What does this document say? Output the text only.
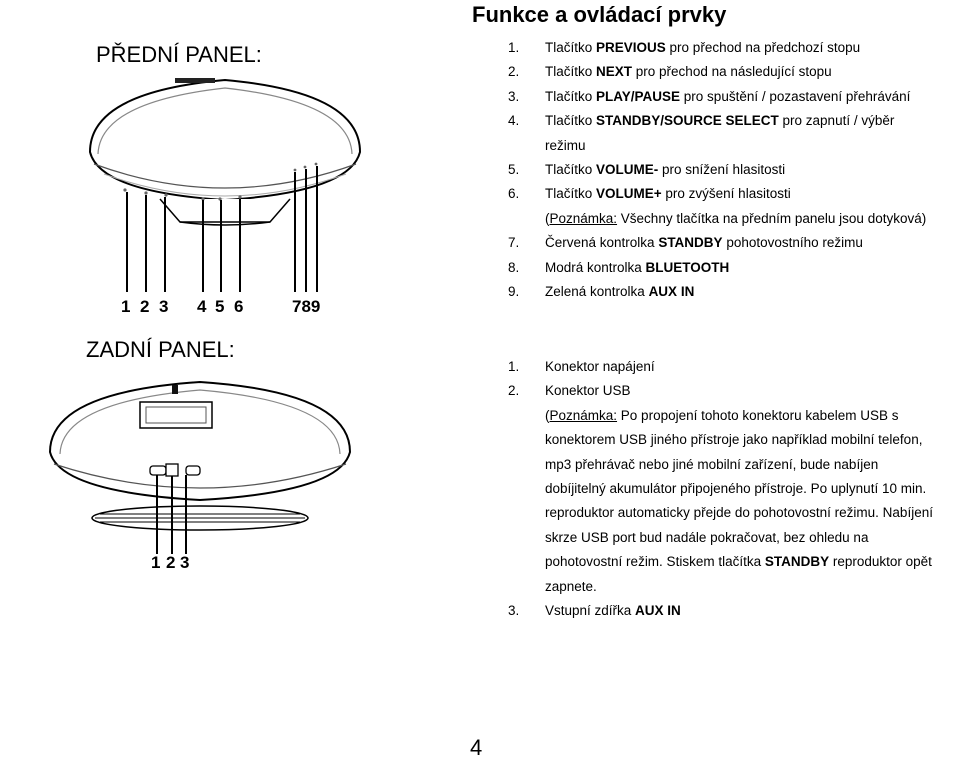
Funkce a ovládací prvky
PŘEDNÍ PANEL:
1 2 3 4 5 6	789
1. Tlačítko PREVIOUS pro přechod na předchozí stopu
2. Tlačítko NEXT pro přechod na následující stopu
3. Tlačítko PLAY/PAUSE pro spuštění / pozastavení přehrávání
4. Tlačítko STANDBY/SOURCE SELECT pro zapnutí / výběr
režimu
5. Tlačítko VOLUME- pro snížení hlasitosti
6. Tlačítko VOLUME+ pro zvýšení hlasitosti
(Poznámka: Všechny tlačítka na předním panelu jsou dotyková)
7. Červená kontrolka STANDBY pohotovostního režimu
8. Modrá kontrolka BLUETOOTH
9. Zelená kontrolka AUX IN
ZADNÍ PANEL:
1 2 3
1. Konektor napájení
2. Konektor USB
(Poznámka: Po propojení tohoto konektoru kabelem USB s
konektorem USB jiného přístroje jako například mobilní telefon,
mp3 přehrávač nebo jiné mobilní zařízení, bude nabíjen
dobíjitelný akumulátor připojeného přístroje. Po uplynutí 10 min.
reproduktor automaticky přejde do pohotovostní režimu. Nabíjení
skrze USB port bud nadále pokračovat, bez ohledu na
pohotovostní režim. Stiskem tlačítka STANDBY reproduktor opět
zapnete.
3. Vstupní zdířka AUX IN
4
